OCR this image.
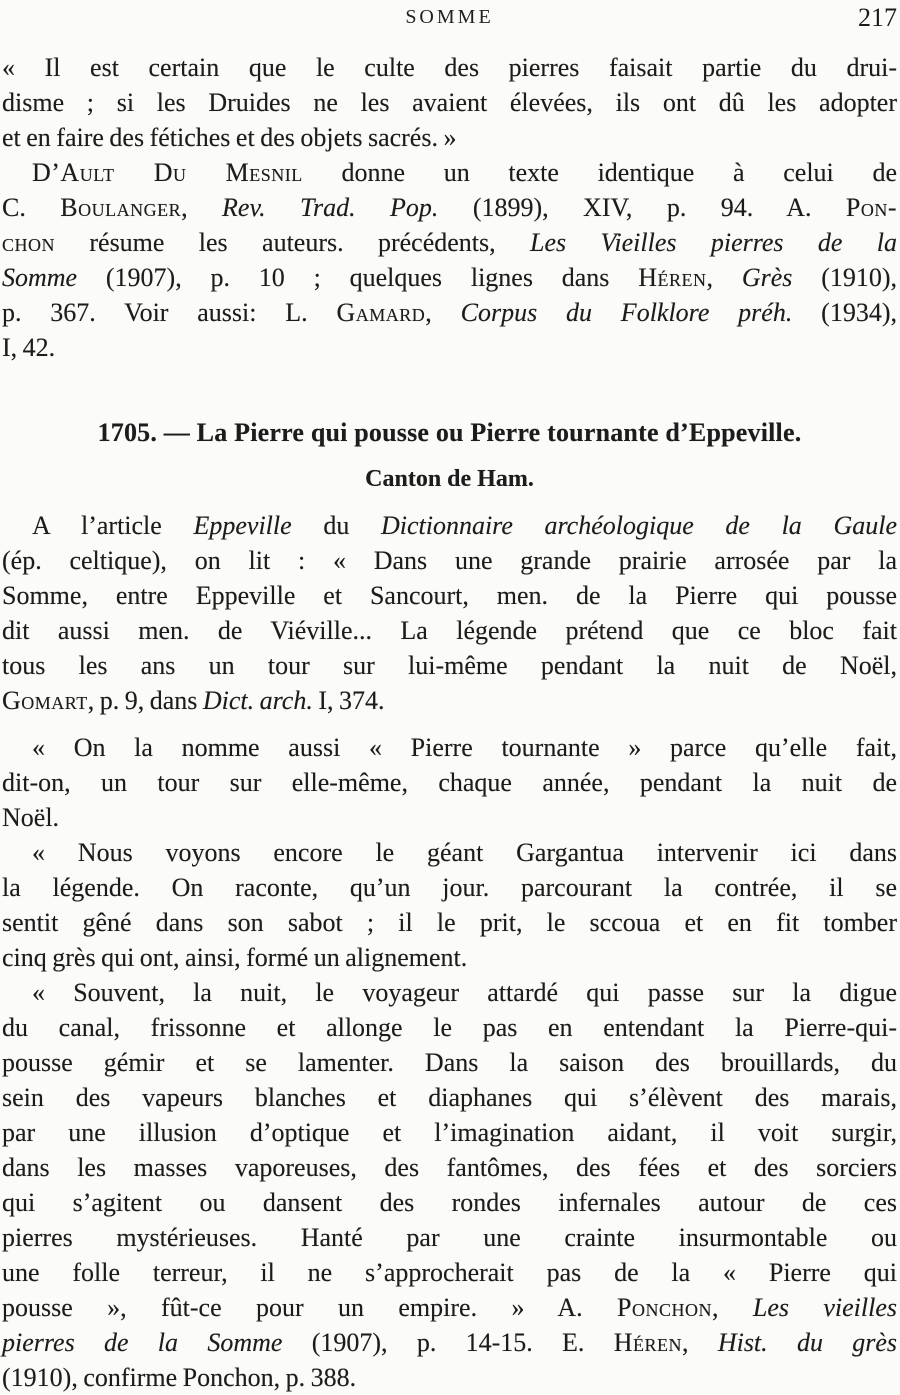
SOMME	217
« Il est certain que le culte des pierres faisait partie du drui-
disme ; si les Druides ne les avaient élevées, ils ont dû les adopter
et en faire des fétiches et des objets sacrés. »
D’Ault Du Mesnil donne un texte identique à celui de
C. Boulanger, Rev. Trad. Pop. (1899), XIV, p. 94. A. Pon-
chon résume les auteurs. précédents, Les Vieilles pierres de la
Somme (1907), p. 10 ; quelques lignes dans Héren, Grès (1910),
p. 367. Voir aussi: L. Gamard, Corpus du Folklore préh. (1934),
I, 42.
1705. — La Pierre qui pousse ou Pierre tournante d’Eppeville.
Canton de Ham.
A l’article Eppeville du Dictionnaire archéologique de la Gaule
(ép. celtique), on lit : « Dans une grande prairie arrosée par la
Somme, entre Eppeville et Sancourt, men. de la Pierre qui pousse
dit aussi men. de Viéville... La légende prétend que ce bloc fait
tous les ans un tour sur lui-même pendant la nuit de Noël,
Gomart, p. 9, dans Dict. arch. I, 374.
« On la nomme aussi « Pierre tournante » parce qu’elle fait,
dit-on, un tour sur elle-même, chaque année, pendant la nuit de
Noël.
« Nous voyons encore le géant Gargantua intervenir ici dans
la légende. On raconte, qu’un jour. parcourant la contrée, il se
sentit gêné dans son sabot ; il le prit, le sccoua et en fit tomber
cinq grès qui ont, ainsi, formé un alignement.
« Souvent, la nuit, le voyageur attardé qui passe sur la digue
du canal, frissonne et allonge le pas en entendant la Pierre-qui-
pousse gémir et se lamenter. Dans la saison des brouillards, du
sein des vapeurs blanches et diaphanes qui s’élèvent des marais,
par une illusion d’optique et l’imagination aidant, il voit surgir,
dans les masses vaporeuses, des fantômes, des fées et des sorciers
qui s’agitent ou dansent des rondes infernales autour de ces
pierres mystérieuses. Hanté par une crainte insurmontable ou
une folle terreur, il ne s’approcherait pas de la « Pierre qui
pousse », fût-ce pour un empire. » A. Ponchon, Les vieilles
pierres de la Somme (1907), p. 14-15. E. Héren, Hist. du grès
(1910), confirme Ponchon, p. 388.
